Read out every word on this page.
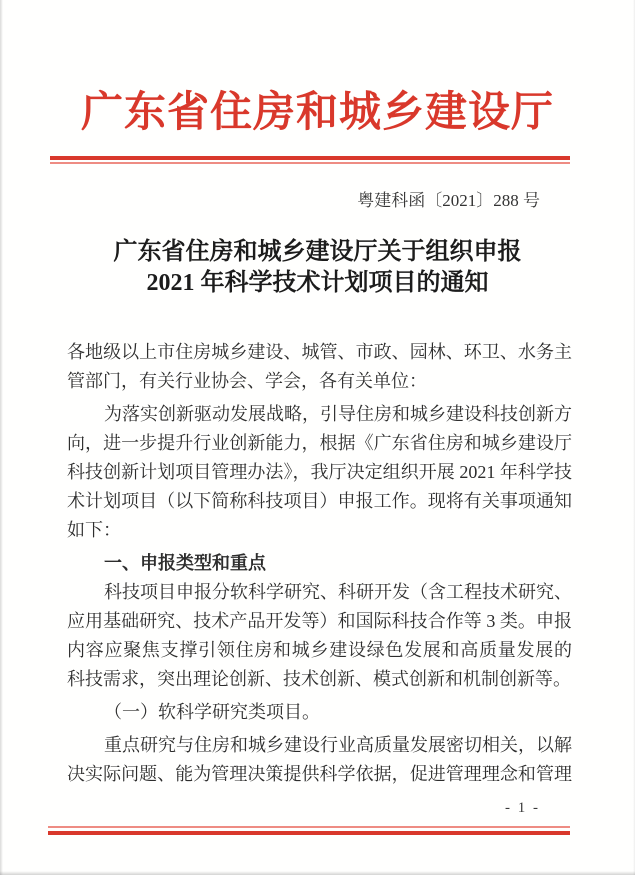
广东省住房和城乡建设厅
粤建科函〔2021〕288 号
广东省住房和城乡建设厅关于组织申报
2021 年科学技术计划项目的通知
各地级以上市住房城乡建设、城管、市政、园林、环卫、水务主
管部门，有关行业协会、学会，各有关单位：
为落实创新驱动发展战略，引导住房和城乡建设科技创新方
向，进一步提升行业创新能力，根据《广东省住房和城乡建设厅
科技创新计划项目管理办法》，我厅决定组织开展 2021 年科学技
术计划项目（以下简称科技项目）申报工作。现将有关事项通知
如下：
一、申报类型和重点
科技项目申报分软科学研究、科研开发（含工程技术研究、
应用基础研究、技术产品开发等）和国际科技合作等 3 类。申报
内容应聚焦支撑引领住房和城乡建设绿色发展和高质量发展的
科技需求，突出理论创新、技术创新、模式创新和机制创新等。
（一）软科学研究类项目。
重点研究与住房和城乡建设行业高质量发展密切相关，以解
决实际问题、能为管理决策提供科学依据，促进管理理念和管理
- 1 -
